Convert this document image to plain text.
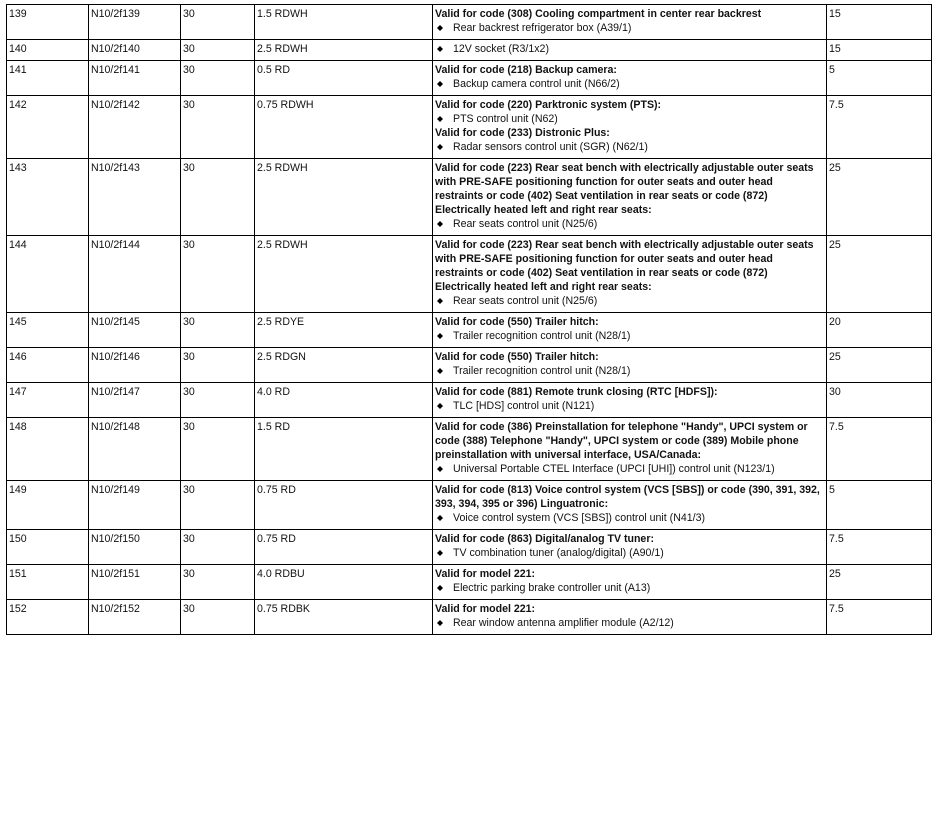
139	N10/2f139	30	1.5 RDWH	Valid for code (308) Cooling compartment in center rear backrest
Rear backrest refrigerator box (A39/1)	15
140	N10/2f140	30	2.5 RDWH	12V socket (R3/1x2)	15
141	N10/2f141	30	0.5 RD	Valid for code (218) Backup camera:
Backup camera control unit (N66/2)	5
142	N10/2f142	30	0.75 RDWH	Valid for code (220) Parktronic system (PTS):
PTS control unit (N62)
Valid for code (233) Distronic Plus:
Radar sensors control unit (SGR) (N62/1)	7.5
143	N10/2f143	30	2.5 RDWH	Valid for code (223) Rear seat bench with electrically adjustable outer seats with PRE-SAFE positioning function for outer seats and outer head restraints or code (402) Seat ventilation in rear seats or code (872) Electrically heated left and right rear seats:
Rear seats control unit (N25/6)	25
144	N10/2f144	30	2.5 RDWH	Valid for code (223) Rear seat bench with electrically adjustable outer seats with PRE-SAFE positioning function for outer seats and outer head restraints or code (402) Seat ventilation in rear seats or code (872) Electrically heated left and right rear seats:
Rear seats control unit (N25/6)	25
145	N10/2f145	30	2.5 RDYE	Valid for code (550) Trailer hitch:
Trailer recognition control unit (N28/1)	20
146	N10/2f146	30	2.5 RDGN	Valid for code (550) Trailer hitch:
Trailer recognition control unit (N28/1)	25
147	N10/2f147	30	4.0 RD	Valid for code (881) Remote trunk closing (RTC [HDFS]):
TLC [HDS] control unit (N121)	30
148	N10/2f148	30	1.5 RD	Valid for code (386) Preinstallation for telephone "Handy", UPCI system or code (388) Telephone "Handy", UPCI system or code (389) Mobile phone preinstallation with universal interface, USA/Canada:
Universal Portable CTEL Interface (UPCI [UHI]) control unit (N123/1)	7.5
149	N10/2f149	30	0.75 RD	Valid for code (813) Voice control system (VCS [SBS]) or code (390, 391, 392, 393, 394, 395 or 396) Linguatronic:
Voice control system (VCS [SBS]) control unit (N41/3)	5
150	N10/2f150	30	0.75 RD	Valid for code (863) Digital/analog TV tuner:
TV combination tuner (analog/digital) (A90/1)	7.5
151	N10/2f151	30	4.0 RDBU	Valid for model 221:
Electric parking brake controller unit (A13)	25
152	N10/2f152	30	0.75 RDBK	Valid for model 221:
Rear window antenna amplifier module (A2/12)	7.5
